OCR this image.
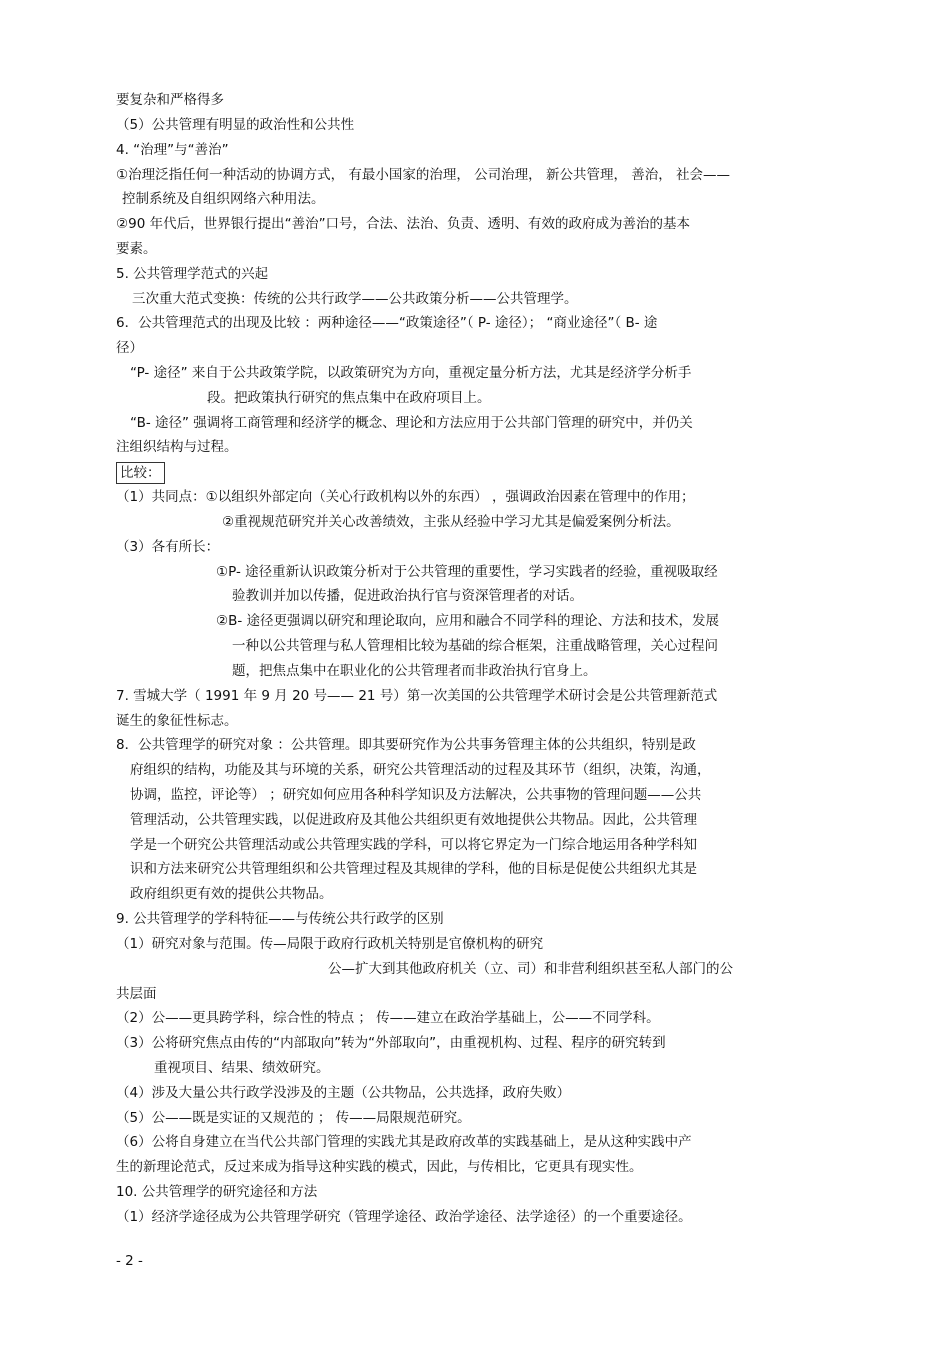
要复杂和严格得多
（5）公共管理有明显的政治性和公共性
4. “治理”与“善治”
①治理泛指任何一种活动的协调方式， 有最小国家的治理， 公司治理， 新公共管理， 善治， 社会——
控制系统及自组织网络六种用法。
②90 年代后，世界银行提出“善治”口号，合法、法治、负责、透明、有效的政府成为善治的基本
要素。
5. 公共管理学范式的兴起
三次重大范式变换：传统的公共行政学——公共政策分析——公共管理学。
6．公共管理范式的出现及比较 ：两种途径——“政策途径”（ P- 途径）； “商业途径”（ B- 途
径）
“P- 途径” 来自于公共政策学院，以政策研究为方向，重视定量分析方法，尤其是经济学分析手
段。把政策执行研究的焦点集中在政府项目上。
“B- 途径” 强调将工商管理和经济学的概念、理论和方法应用于公共部门管理的研究中，并仍关
注组织结构与过程。
比较：
（1）共同点：①以组织外部定向（关心行政机构以外的东西） ，强调政治因素在管理中的作用；
②重视规范研究并关心改善绩效，主张从经验中学习尤其是偏爱案例分析法。
（3）各有所长：
①P- 途径重新认识政策分析对于公共管理的重要性，学习实践者的经验，重视吸取经
验教训并加以传播，促进政治执行官与资深管理者的对话。
②B- 途径更强调以研究和理论取向，应用和融合不同学科的理论、方法和技术，发展
一种以公共管理与私人管理相比较为基础的综合框架，注重战略管理，关心过程问
题，把焦点集中在职业化的公共管理者而非政治执行官身上。
7. 雪城大学（ 1991 年 9 月 20 号—— 21 号）第一次美国的公共管理学术研讨会是公共管理新范式
诞生的象征性标志。
8．公共管理学的研究对象 ：公共管理。即其要研究作为公共事务管理主体的公共组织，特别是政
府组织的结构，功能及其与环境的关系，研究公共管理活动的过程及其环节（组织，决策，沟通，
协调，监控，评论等） ；研究如何应用各种科学知识及方法解决，公共事物的管理问题——公共
管理活动，公共管理实践，以促进政府及其他公共组织更有效地提供公共物品。因此，公共管理
学是一个研究公共管理活动或公共管理实践的学科，可以将它界定为一门综合地运用各种学科知
识和方法来研究公共管理组织和公共管理过程及其规律的学科，他的目标是促使公共组织尤其是
政府组织更有效的提供公共物品。
9. 公共管理学的学科特征——与传统公共行政学的区别
（1）研究对象与范围。传—局限于政府行政机关特别是官僚机构的研究
公—扩大到其他政府机关（立、司）和非营利组织甚至私人部门的公
共层面
（2）公——更具跨学科，综合性的特点 ； 传——建立在政治学基础上，公——不同学科。
（3）公将研究焦点由传的“内部取向”转为“外部取向”，由重视机构、过程、程序的研究转到
重视项目、结果、绩效研究。
（4）涉及大量公共行政学没涉及的主题（公共物品，公共选择，政府失败）
（5）公——既是实证的又规范的 ； 传——局限规范研究。
（6）公将自身建立在当代公共部门管理的实践尤其是政府改革的实践基础上，是从这种实践中产
生的新理论范式，反过来成为指导这种实践的模式，因此，与传相比，它更具有现实性。
10. 公共管理学的研究途径和方法
（1）经济学途径成为公共管理学研究（管理学途径、政治学途径、法学途径）的一个重要途径。
- 2 -
